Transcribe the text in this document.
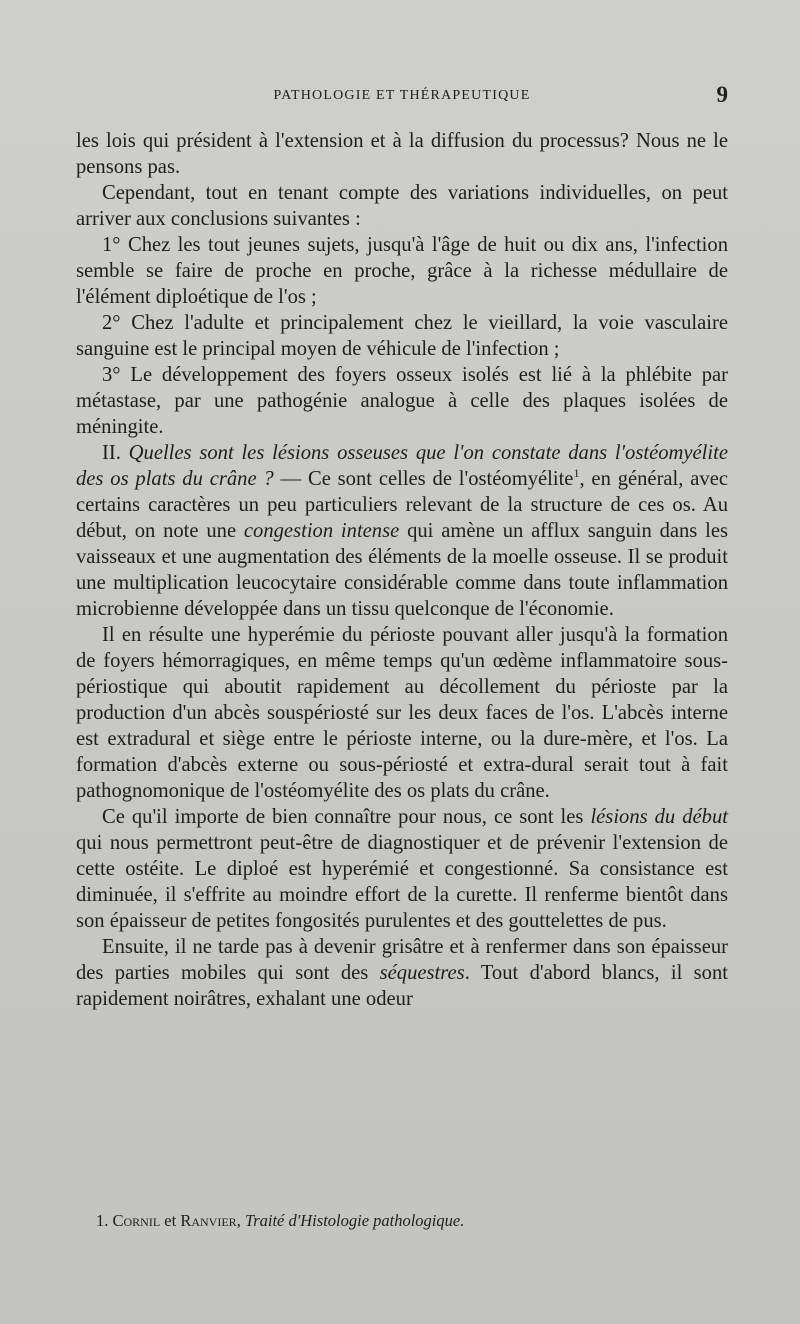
PATHOLOGIE ET THÉRAPEUTIQUE	9

les lois qui président à l'extension et à la diffusion du processus? Nous ne le pensons pas.

Cependant, tout en tenant compte des variations individuelles, on peut arriver aux conclusions suivantes :

1° Chez les tout jeunes sujets, jusqu'à l'âge de huit ou dix ans, l'infection semble se faire de proche en proche, grâce à la richesse médullaire de l'élément diploétique de l'os ;

2° Chez l'adulte et principalement chez le vieillard, la voie vasculaire sanguine est le principal moyen de véhicule de l'infection ;

3° Le développement des foyers osseux isolés est lié à la phlébite par métastase, par une pathogénie analogue à celle des plaques isolées de méningite.

II. Quelles sont les lésions osseuses que l'on constate dans l'ostéomyélite des os plats du crâne ? — Ce sont celles de l'ostéomyélite$^1$, en général, avec certains caractères un peu particuliers relevant de la structure de ces os. Au début, on note une congestion intense qui amène un afflux sanguin dans les vaisseaux et une augmentation des éléments de la moelle osseuse. Il se produit une multiplication leucocytaire considérable comme dans toute inflammation microbienne développée dans un tissu quelconque de l'économie.

Il en résulte une hyperémie du périoste pouvant aller jusqu'à la formation de foyers hémorragiques, en même temps qu'un œdème inflammatoire sous-périostique qui aboutit rapidement au décollement du périoste par la production d'un abcès souspériosté sur les deux faces de l'os. L'abcès interne est extradural et siège entre le périoste interne, ou la dure-mère, et l'os. La formation d'abcès externe ou sous-périosté et extra-dural serait tout à fait pathognomonique de l'ostéomyélite des os plats du crâne.

Ce qu'il importe de bien connaître pour nous, ce sont les lésions du début qui nous permettront peut-être de diagnostiquer et de prévenir l'extension de cette ostéite. Le diploé est hyperémié et congestionné. Sa consistance est diminuée, il s'effrite au moindre effort de la curette. Il renferme bientôt dans son épaisseur de petites fongosités purulentes et des gouttelettes de pus.

Ensuite, il ne tarde pas à devenir grisâtre et à renfermer dans son épaisseur des parties mobiles qui sont des séquestres. Tout d'abord blancs, il sont rapidement noirâtres, exhalant une odeur

1. Cornil et Ranvier, Traité d'Histologie pathologique.
